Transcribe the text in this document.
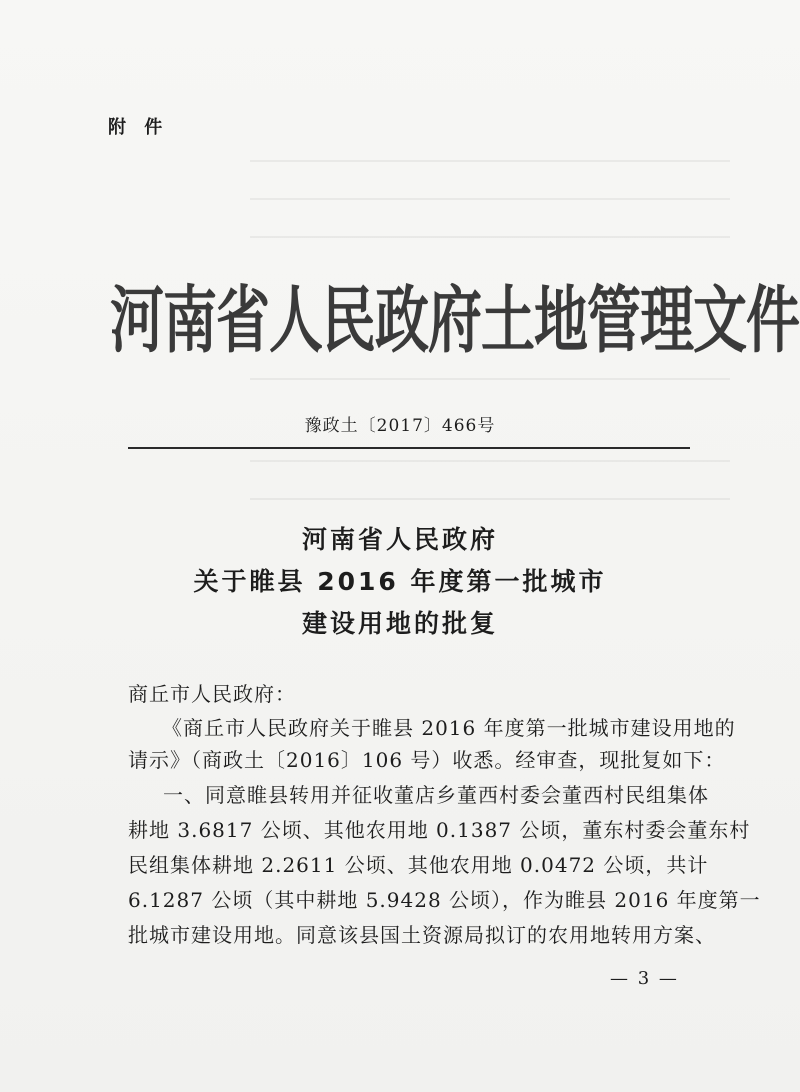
附 件
河南省人民政府土地管理文件
豫政土〔2017〕466号
河南省人民政府
关于睢县 2016 年度第一批城市
建设用地的批复
商丘市人民政府：
《商丘市人民政府关于睢县 2016 年度第一批城市建设用地的
请示》（商政土〔2016〕106 号）收悉。经审查，现批复如下：
　一、同意睢县转用并征收董店乡董西村委会董西村民组集体
耕地 3.6817 公顷、其他农用地 0.1387 公顷，董东村委会董东村
民组集体耕地 2.2611 公顷、其他农用地 0.0472 公顷，共计
6.1287 公顷（其中耕地 5.9428 公顷），作为睢县 2016 年度第一
批城市建设用地。同意该县国土资源局拟订的农用地转用方案、
— 3 —
